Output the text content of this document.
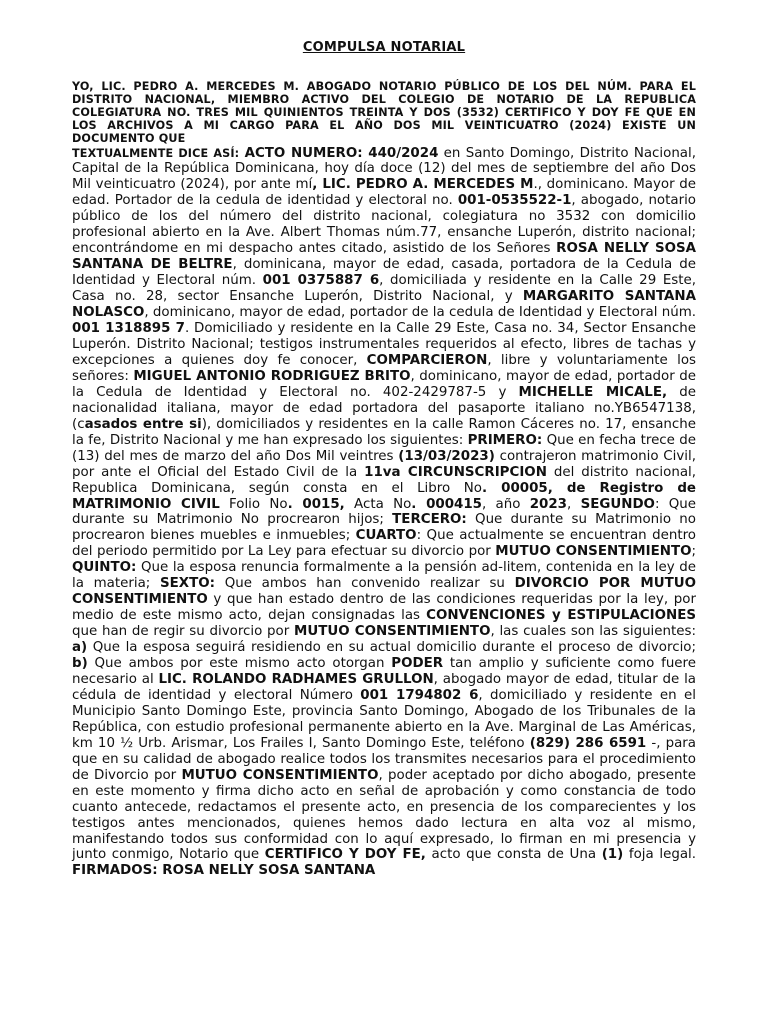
COMPULSA NOTARIAL

YO, LIC. PEDRO A. MERCEDES M. ABOGADO NOTARIO PÚBLICO DE LOS DEL NÚM. PARA EL DISTRITO NACIONAL, MIEMBRO ACTIVO DEL COLEGIO DE NOTARIO DE LA REPUBLICA COLEGIATURA NO. TRES MIL QUINIENTOS TREINTA Y DOS (3532) CERTIFICO Y DOY FE QUE EN LOS ARCHIVOS A MI CARGO PARA EL AÑO DOS MIL VEINTICUATRO (2024) EXISTE UN DOCUMENTO QUE

TEXTUALMENTE DICE ASÍ: ACTO NUMERO: 440/2024 en Santo Domingo, Distrito Nacional, Capital de la República Dominicana, hoy día doce (12) del mes de septiembre del año Dos Mil veinticuatro (2024), por ante mí, LIC. PEDRO A. MERCEDES M., dominicano. Mayor de edad. Portador de la cedula de identidad y electoral no. 001-0535522-1, abogado, notario público de los del número del distrito nacional, colegiatura no 3532 con domicilio profesional abierto en la Ave. Albert Thomas núm.77, ensanche Luperón, distrito nacional; encontrándome en mi despacho antes citado, asistido de los Señores ROSA NELLY SOSA SANTANA DE BELTRE, dominicana, mayor de edad, casada, portadora de la Cedula de Identidad y Electoral núm. 001 0375887 6, domiciliada y residente en la Calle 29 Este, Casa no. 28, sector Ensanche Luperón, Distrito Nacional, y MARGARITO SANTANA NOLASCO, dominicano, mayor de edad, portador de la cedula de Identidad y Electoral núm. 001 1318895 7. Domiciliado y residente en la Calle 29 Este, Casa no. 34, Sector Ensanche Luperón. Distrito Nacional; testigos instrumentales requeridos al efecto, libres de tachas y excepciones a quienes doy fe conocer, COMPARCIERON, libre y voluntariamente los señores: MIGUEL ANTONIO RODRIGUEZ BRITO, dominicano, mayor de edad, portador de la Cedula de Identidad y Electoral no. 402-2429787-5 y MICHELLE MICALE, de nacionalidad italiana, mayor de edad portadora del pasaporte italiano no.YB6547138, (casados entre si), domiciliados y residentes en la calle Ramon Cáceres no. 17, ensanche la fe, Distrito Nacional y me han expresado los siguientes: PRIMERO: Que en fecha trece de (13) del mes de marzo del año Dos Mil veintres (13/03/2023) contrajeron matrimonio Civil, por ante el Oficial del Estado Civil de la 11va CIRCUNSCRIPCION del distrito nacional, Republica Dominicana, según consta en el Libro No. 00005, de Registro de MATRIMONIO CIVIL Folio No. 0015, Acta No. 000415, año 2023, SEGUNDO: Que durante su Matrimonio No procrearon hijos; TERCERO: Que durante su Matrimonio no procrearon bienes muebles e inmuebles; CUARTO: Que actualmente se encuentran dentro del periodo permitido por La Ley para efectuar su divorcio por MUTUO CONSENTIMIENTO; QUINTO: Que la esposa renuncia formalmente a la pensión ad-litem, contenida en la ley de la materia; SEXTO: Que ambos han convenido realizar su DIVORCIO POR MUTUO CONSENTIMIENTO y que han estado dentro de las condiciones requeridas por la ley, por medio de este mismo acto, dejan consignadas las CONVENCIONES y ESTIPULACIONES que han de regir su divorcio por MUTUO CONSENTIMIENTO, las cuales son las siguientes: a) Que la esposa seguirá residiendo en su actual domicilio durante el proceso de divorcio; b) Que ambos por este mismo acto otorgan PODER tan amplio y suficiente como fuere necesario al LIC. ROLANDO RADHAMES GRULLON, abogado mayor de edad, titular de la cédula de identidad y electoral Número 001 1794802 6, domiciliado y residente en el Municipio Santo Domingo Este, provincia Santo Domingo, Abogado de los Tribunales de la República, con estudio profesional permanente abierto en la Ave. Marginal de Las Américas, km 10 ½ Urb. Arismar, Los Frailes I, Santo Domingo Este, teléfono (829) 286 6591 -, para que en su calidad de abogado realice todos los transmites necesarios para el procedimiento de Divorcio por MUTUO CONSENTIMIENTO, poder aceptado por dicho abogado, presente en este momento y firma dicho acto en señal de aprobación y como constancia de todo cuanto antecede, redactamos el presente acto, en presencia de los comparecientes y los testigos antes mencionados, quienes hemos dado lectura en alta voz al mismo, manifestando todos sus conformidad con lo aquí expresado, lo firman en mi presencia y junto conmigo, Notario que CERTIFICO Y DOY FE, acto que consta de Una (1) foja legal. FIRMADOS: ROSA NELLY SOSA SANTANA
